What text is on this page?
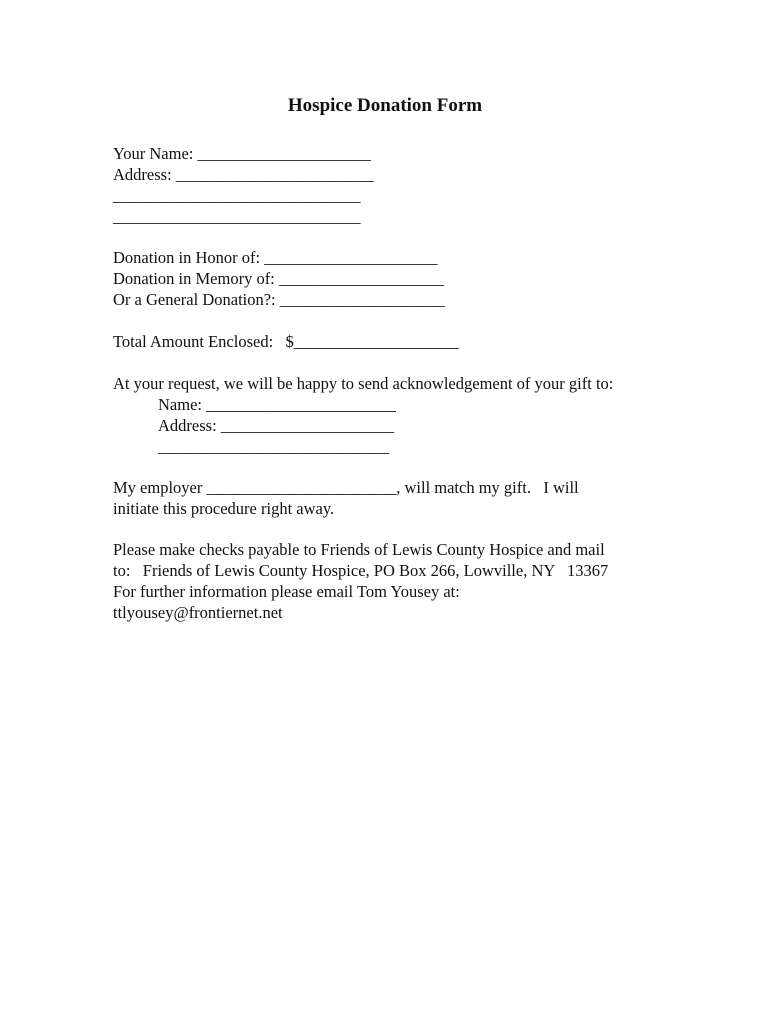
Hospice Donation Form
Your Name: _____________________
Address: ________________________
______________________________
______________________________
Donation in Honor of: _____________________
Donation in Memory of: ____________________
Or a General Donation?: ____________________
Total Amount Enclosed:   $____________________
At your request, we will be happy to send acknowledgement of your gift to:
Name: _______________________
Address: _____________________
____________________________
My employer _______________________, will match my gift.   I will
initiate this procedure right away.
Please make checks payable to Friends of Lewis County Hospice and mail
to:   Friends of Lewis County Hospice, PO Box 266, Lowville, NY   13367
For further information please email Tom Yousey at:
ttlyousey@frontiernet.net
